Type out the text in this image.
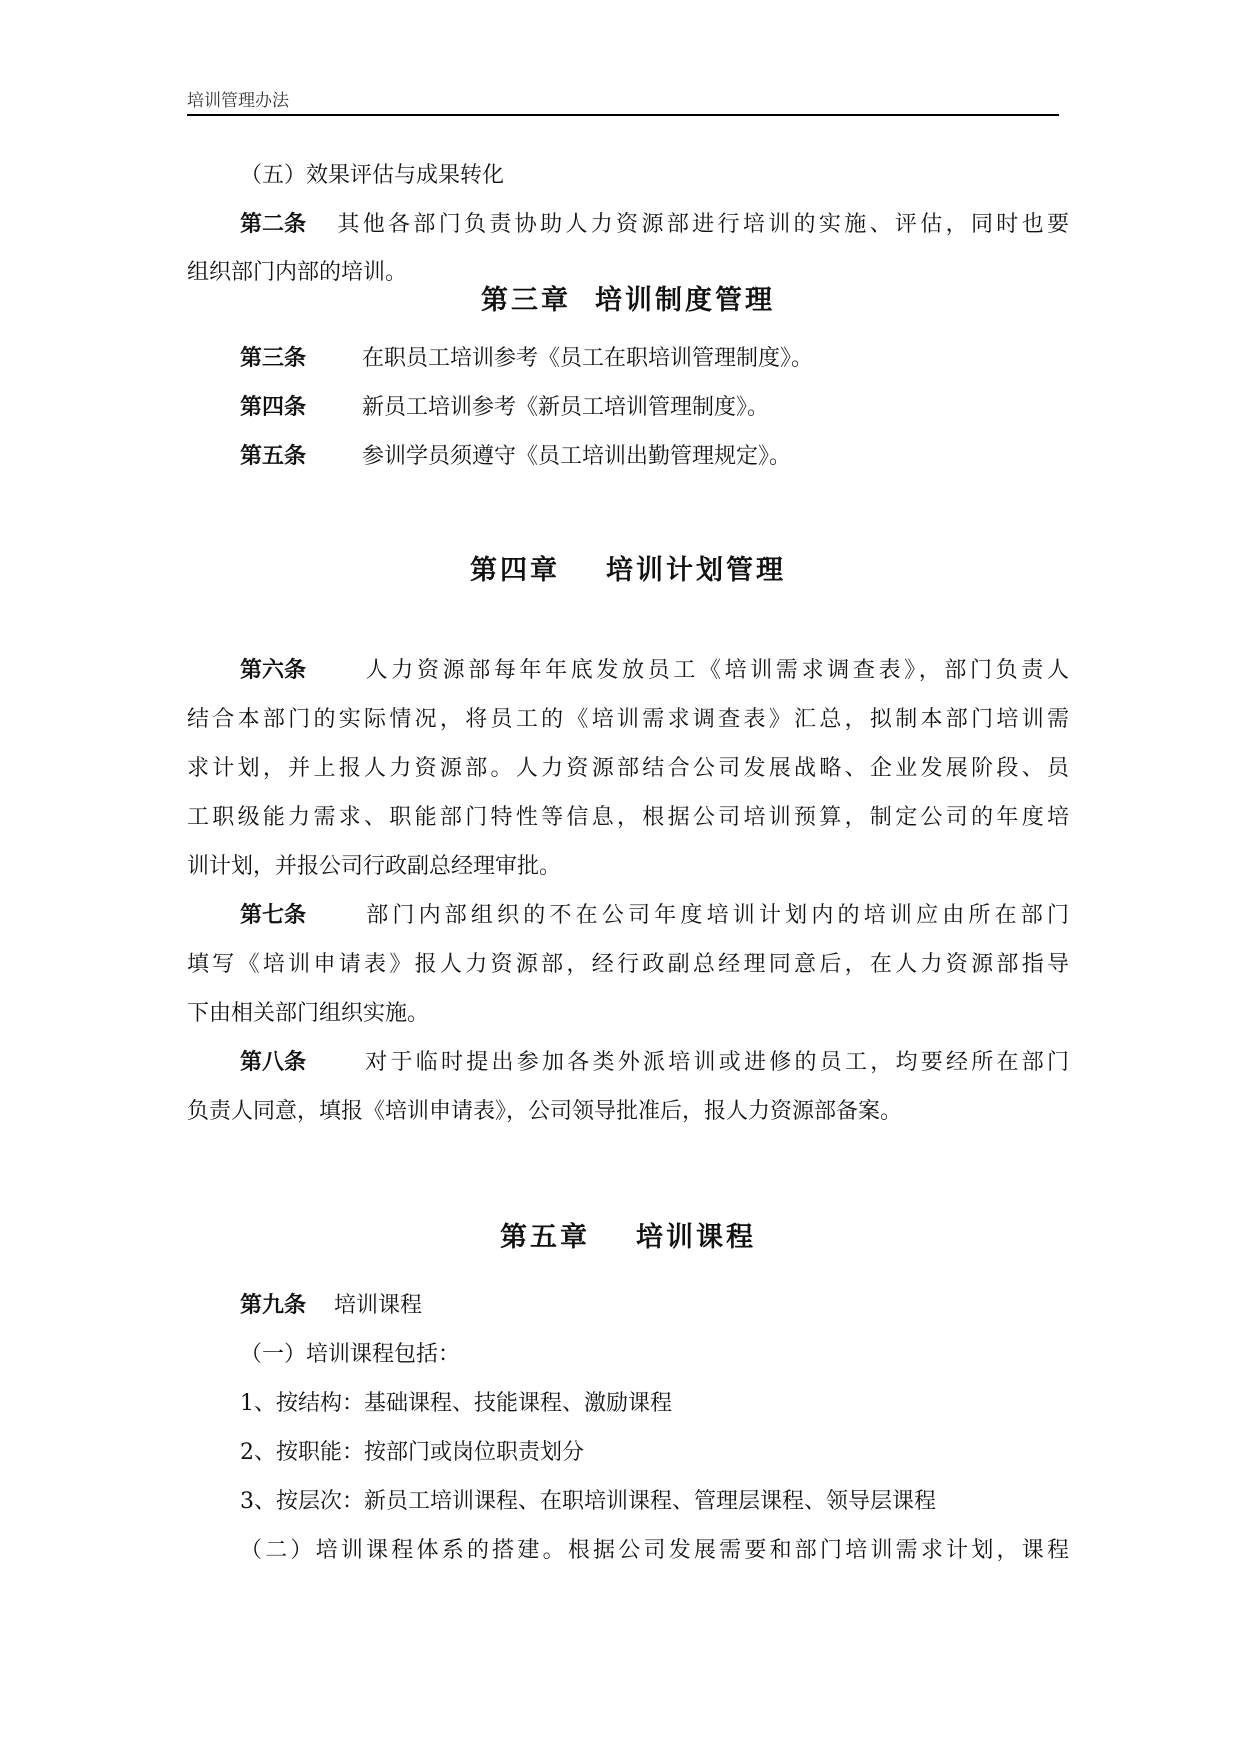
培训管理办法
（五）效果评估与成果转化
第二条 其他各部门负责协助人力资源部进行培训的实施、评估，同时也要
组织部门内部的培训。
第三章 培训制度管理
第三条	在职员工培训参考《员工在职培训管理制度》。
第四条	新员工培训参考《新员工培训管理制度》。
第五条	参训学员须遵守《员工培训出勤管理规定》。
第四章 培训计划管理
第六条	人力资源部每年年底发放员工《培训需求调查表》，部门负责人
结合本部门的实际情况，将员工的《培训需求调查表》汇总，拟制本部门培训需
求计划，并上报人力资源部。人力资源部结合公司发展战略、企业发展阶段、员
工职级能力需求、职能部门特性等信息，根据公司培训预算，制定公司的年度培
训计划，并报公司行政副总经理审批。
第七条	部门内部组织的不在公司年度培训计划内的培训应由所在部门
填写《培训申请表》报人力资源部，经行政副总经理同意后，在人力资源部指导
下由相关部门组织实施。
第八条	对于临时提出参加各类外派培训或进修的员工，均要经所在部门
负责人同意，填报《培训申请表》，公司领导批准后，报人力资源部备案。
第五章 培训课程
第九条 培训课程
（一）培训课程包括：
1、按结构：基础课程、技能课程、激励课程
2、按职能：按部门或岗位职责划分
3、按层次：新员工培训课程、在职培训课程、管理层课程、领导层课程
（二）培训课程体系的搭建。根据公司发展需要和部门培训需求计划，课程
